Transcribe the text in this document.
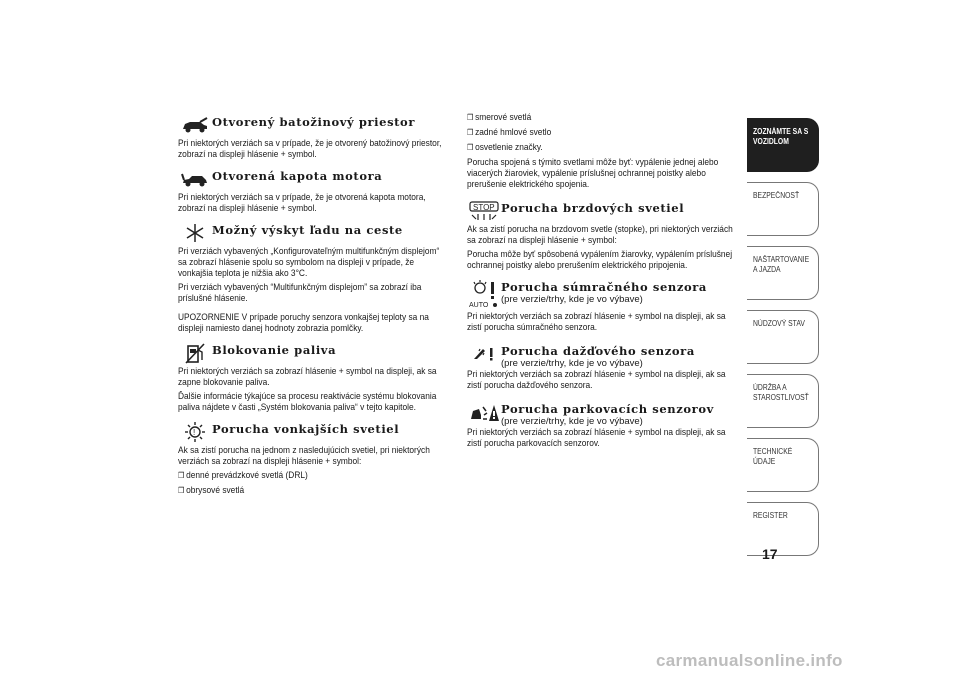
Otvorený batožinový priestor

Pri niektorých verziách sa v prípade, že je otvorený batožinový priestor, zobrazí na displeji hlásenie + symbol.

Otvorená kapota motora

Pri niektorých verziách sa v prípade, že je otvorená kapota motora, zobrazí na displeji hlásenie + symbol.

Možný výskyt ľadu na ceste

Pri verziách vybavených „Konfigurovateľným multifunkčným displejom“ sa zobrazí hlásenie spolu so symbolom na displeji v prípade, že vonkajšia teplota je nižšia ako 3°C.

Pri verziách vybavených “Multifunkčným displejom” sa zobrazí iba príslušné hlásenie.

UPOZORNENIE V prípade poruchy senzora vonkajšej teploty sa na displeji namiesto danej hodnoty zobrazia pomlčky.

Blokovanie paliva

Pri niektorých verziách sa zobrazí hlásenie + symbol na displeji, ak sa zapne blokovanie paliva.

Ďalšie informácie týkajúce sa procesu reaktivácie systému blokovania paliva nájdete v časti „Systém blokovania paliva“ v tejto kapitole.

! Porucha vonkajších svetiel

Ak sa zistí porucha na jednom z nasledujúcich svetiel, pri niektorých verziách sa zobrazí na displeji hlásenie + symbol:

❒ denné prevádzkové svetlá (DRL)
❒ obrysové svetlá
❒ smerové svetlá
❒ zadné hmlové svetlo
❒ osvetlenie značky.

Porucha spojená s týmito svetlami môže byť: vypálenie jednej alebo viacerých žiaroviek, vypálenie príslušnej ochrannej poistky alebo prerušenie elektrického spojenia.

STOP Porucha brzdových svetiel

Ak sa zistí porucha na brzdovom svetle (stopke), pri niektorých verziách sa zobrazí na displeji hlásenie + symbol:

Porucha môže byť spôsobená vypálením žiarovky, vypálením príslušnej ochrannej poistky alebo prerušením elektrického pripojenia.

AUTO
Porucha súmračného senzora
(pre verzie/trhy, kde je vo výbave)

Pri niektorých verziách sa zobrazí hlásenie + symbol na displeji, ak sa zistí porucha súmračného senzora.

Porucha dažďového senzora
(pre verzie/trhy, kde je vo výbave)

Pri niektorých verziách sa zobrazí hlásenie + symbol na displeji, ak sa zistí porucha dažďového senzora.

Porucha parkovacích senzorov
(pre verzie/trhy, kde je vo výbave)

Pri niektorých verziách sa zobrazí hlásenie + symbol na displeji, ak sa zistí porucha parkovacích senzorov.

ZOZNÁMTE SA S VOZIDLOM
BEZPEČNOSŤ
NAŠTARTOVANIE A JAZDA
NÚDZOVÝ STAV
ÚDRŽBA A STAROSTLIVOSŤ
TECHNICKÉ ÚDAJE
REGISTER
17
carmanualsonline.info
